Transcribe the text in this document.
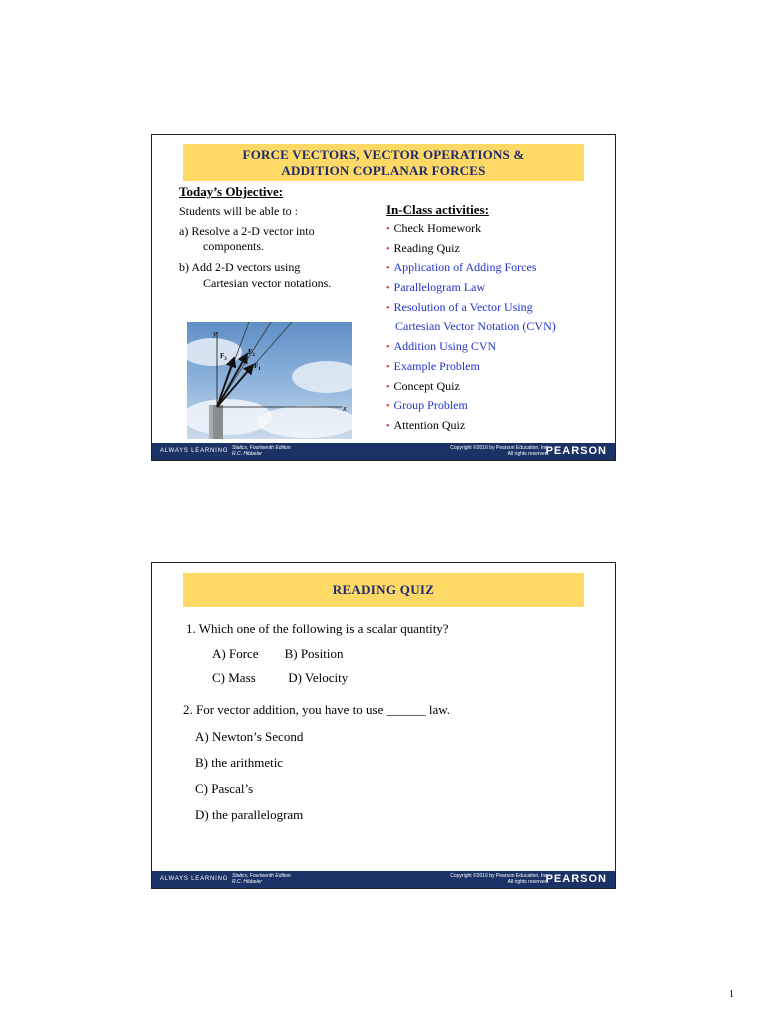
FORCE VECTORS, VECTOR OPERATIONS &
ADDITION COPLANAR FORCES
Today’s Objective:
Students will be able to :
a) Resolve a 2-D vector into
components.
b) Add 2-D vectors using
Cartesian vector notations.
In-Class activities:
• Check Homework
• Reading Quiz
• Application of Adding Forces
• Parallelogram Law
• Resolution of a Vector Using
Cartesian Vector Notation (CVN)
• Addition Using CVN
• Example Problem
• Concept Quiz
• Group Problem
• Attention Quiz
y
x
$F_3$
$F_2$
$F_1$
ALWAYS LEARNING Statics, Fourteenth Edition
R.C. Hibbeler
Copyright ©2016 by Pearson Education, Inc.
All rights reserved.
PEARSON
READING QUIZ
1. Which one of the following is a scalar quantity?
A) Force        B) Position
C) Mass          D) Velocity
2. For vector addition, you have to use ______ law.
A) Newton’s Second
B) the arithmetic
C) Pascal’s
D) the parallelogram
ALWAYS LEARNING Statics, Fourteenth Edition
R.C. Hibbeler
Copyright ©2016 by Pearson Education, Inc.
All rights reserved.
PEARSON
1
